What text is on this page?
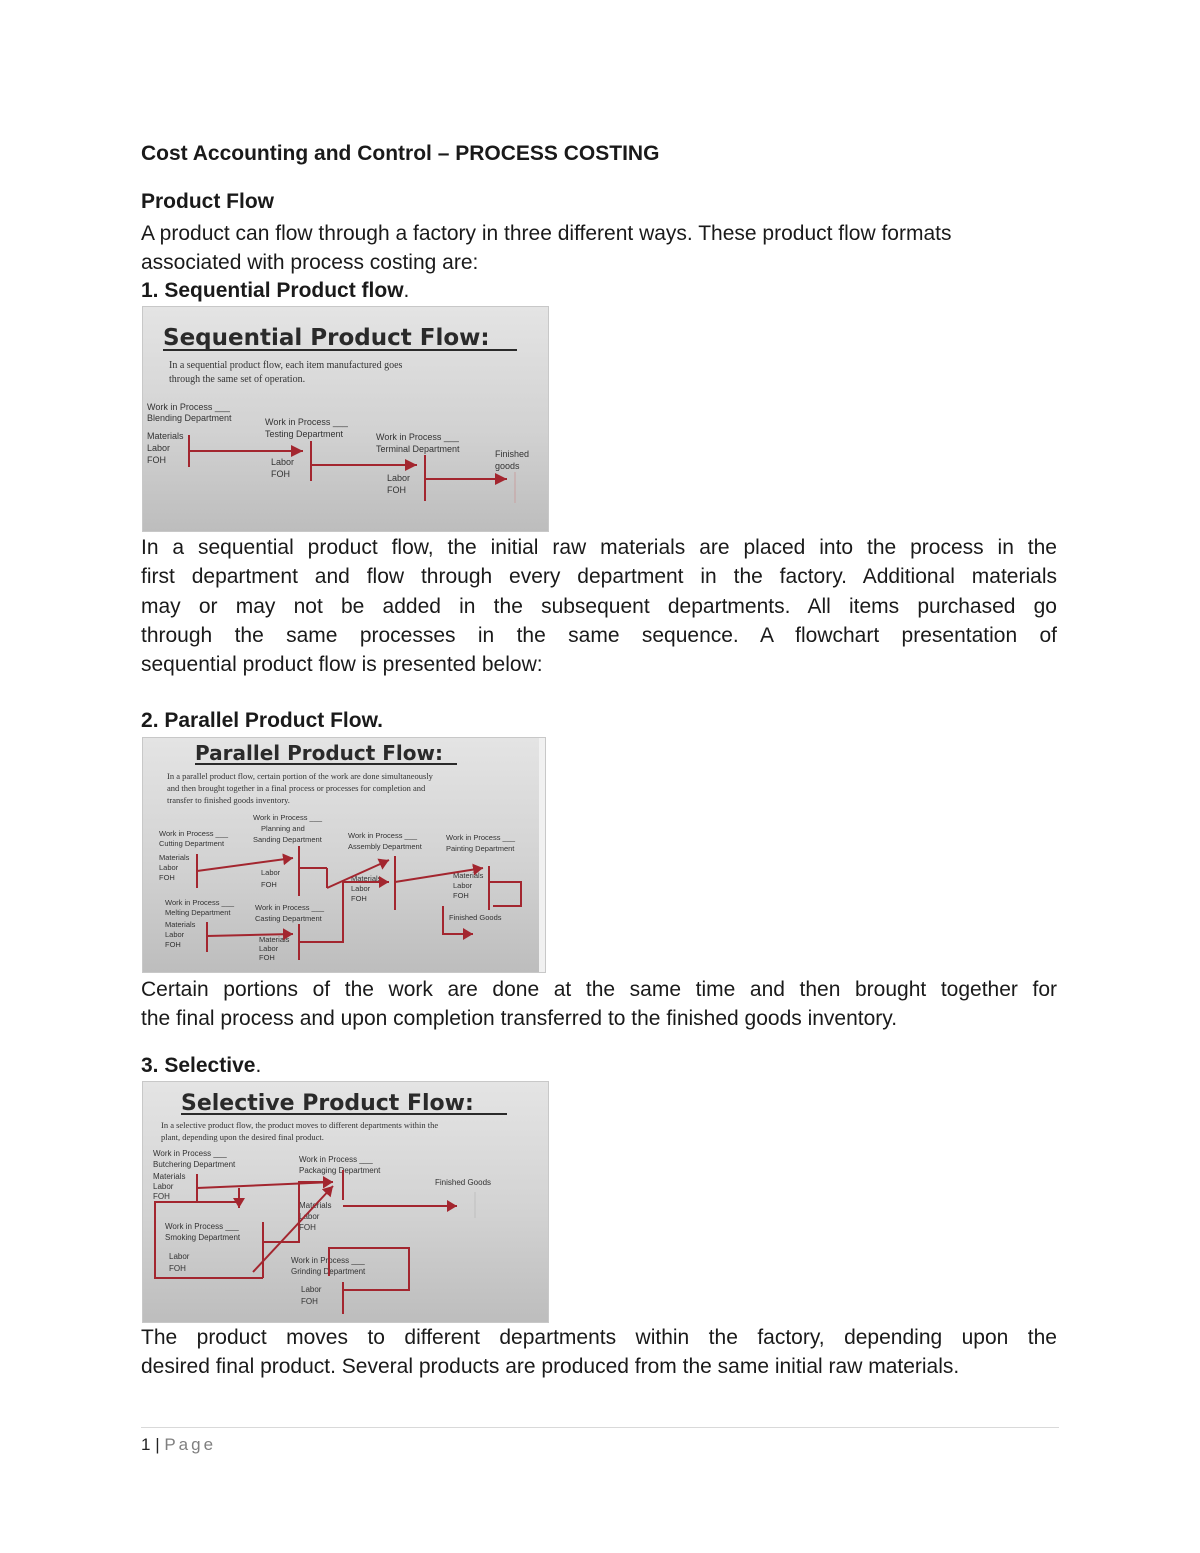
Cost Accounting and Control – PROCESS COSTING
Product Flow
A product can flow through a factory in three different ways. These product flow formats
associated with process costing are:
1. Sequential Product flow.
Sequential Product Flow:
In a sequential product flow, each item manufactured goes
through the same set of operation.
Work in Process ___
Blending Department
Materials
Labor
FOH
Work in Process ___
Testing Department
Labor
FOH
Work in Process ___
Terminal Department
Labor
FOH
Finished
goods
In a sequential product flow, the initial raw materials are placed into the process in the
first department and flow through every department in the factory. Additional materials
may or may not be added in the subsequent departments. All items purchased go
through the same processes in the same sequence. A flowchart presentation of
sequential product flow is presented below:
2. Parallel Product Flow.
Parallel Product Flow:
In a parallel product flow, certain portion of the work are done simultaneously
and then brought together in a final process or processes for completion and
transfer to finished goods inventory.
Work in Process ___
Cutting Department
Materials
Labor
FOH
Work in Process ___
Planning and
Sanding Department
Labor
FOH
Work in Process ___
Assembly Department
Materials
Labor
FOH
Work in Process ___
Painting Department
Materials
Labor
FOH
Work in Process ___
Melting Department
Materials
Labor
FOH
Work in Process ___
Casting Department
Materials
Labor
FOH
Finished Goods
Certain portions of the work are done at the same time and then brought together for
the final process and upon completion transferred to the finished goods inventory.
3. Selective.
Selective Product Flow:
In a selective product flow, the product moves to different departments within the
plant, depending upon the desired final product.
Work in Process ___
Butchering Department
Materials
Labor
FOH
Work in Process ___
Packaging Department
Materials
Labor
FOH
Finished Goods
Work in Process ___
Smoking Department
Labor
FOH
Work in Process ___
Grinding Department
Labor
FOH
The product moves to different departments within the factory, depending upon the
desired final product. Several products are produced from the same initial raw materials.
1 | Page
